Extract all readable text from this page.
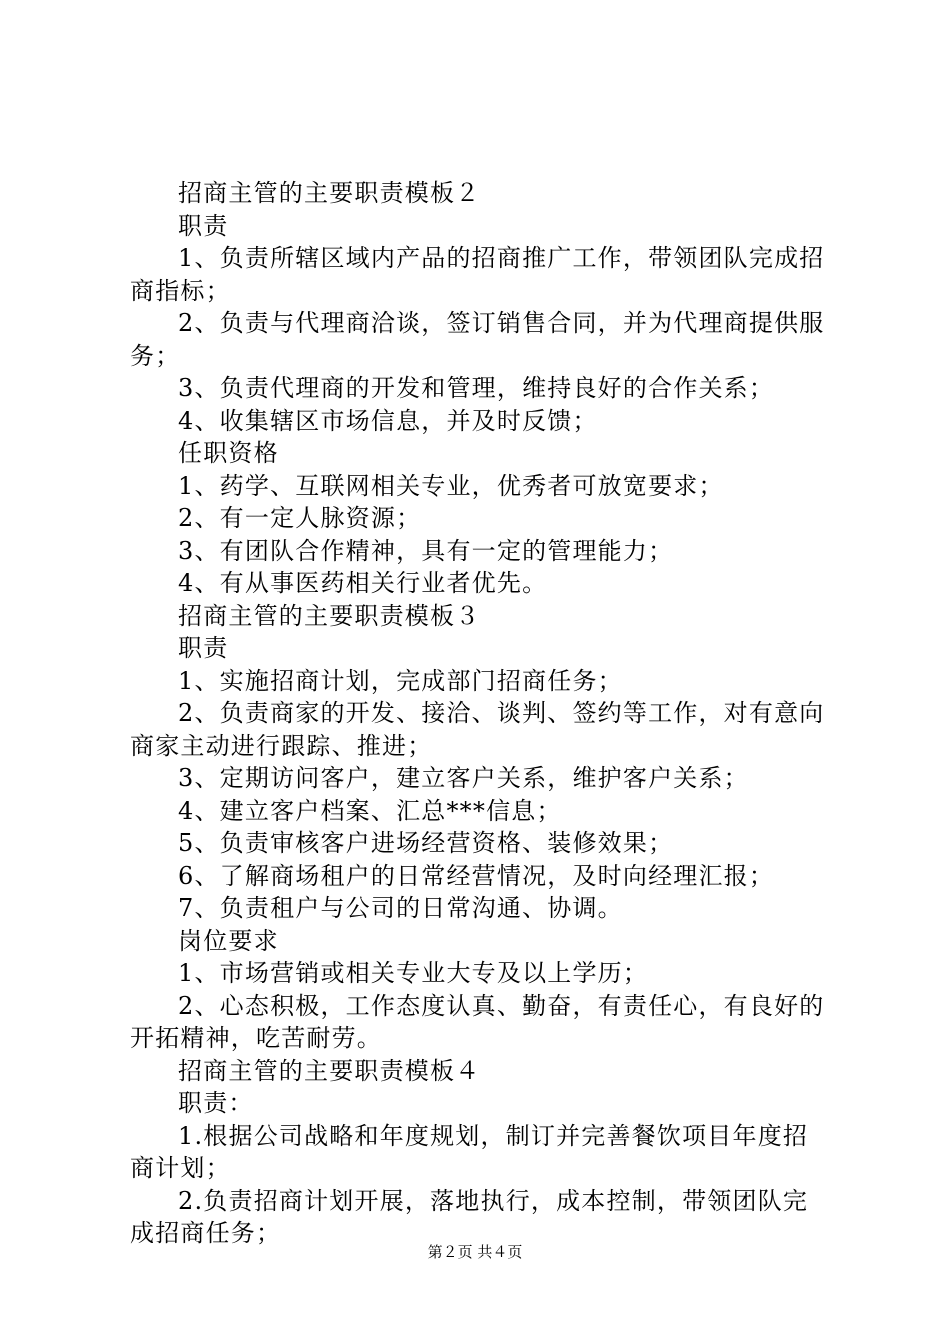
招商主管的主要职责模板２
职责
1、负责所辖区域内产品的招商推广工作，带领团队完成招
商指标；
2、负责与代理商洽谈，签订销售合同，并为代理商提供服
务；
3、负责代理商的开发和管理，维持良好的合作关系；
4、收集辖区市场信息，并及时反馈；
任职资格
1、药学、互联网相关专业，优秀者可放宽要求；
2、有一定人脉资源；
3、有团队合作精神，具有一定的管理能力；
4、有从事医药相关行业者优先。
招商主管的主要职责模板３
职责
1、实施招商计划，完成部门招商任务；
2、负责商家的开发、接洽、谈判、签约等工作，对有意向
商家主动进行跟踪、推进；
3、定期访问客户，建立客户关系，维护客户关系；
4、建立客户档案、汇总***信息；
5、负责审核客户进场经营资格、装修效果；
6、了解商场租户的日常经营情况，及时向经理汇报；
7、负责租户与公司的日常沟通、协调。
岗位要求
1、市场营销或相关专业大专及以上学历；
2、心态积极，工作态度认真、勤奋，有责任心，有良好的
开拓精神，吃苦耐劳。
招商主管的主要职责模板４
职责：
1.根据公司战略和年度规划，制订并完善餐饮项目年度招
商计划；
2.负责招商计划开展，落地执行，成本控制，带领团队完
成招商任务；
第２页 共４页
